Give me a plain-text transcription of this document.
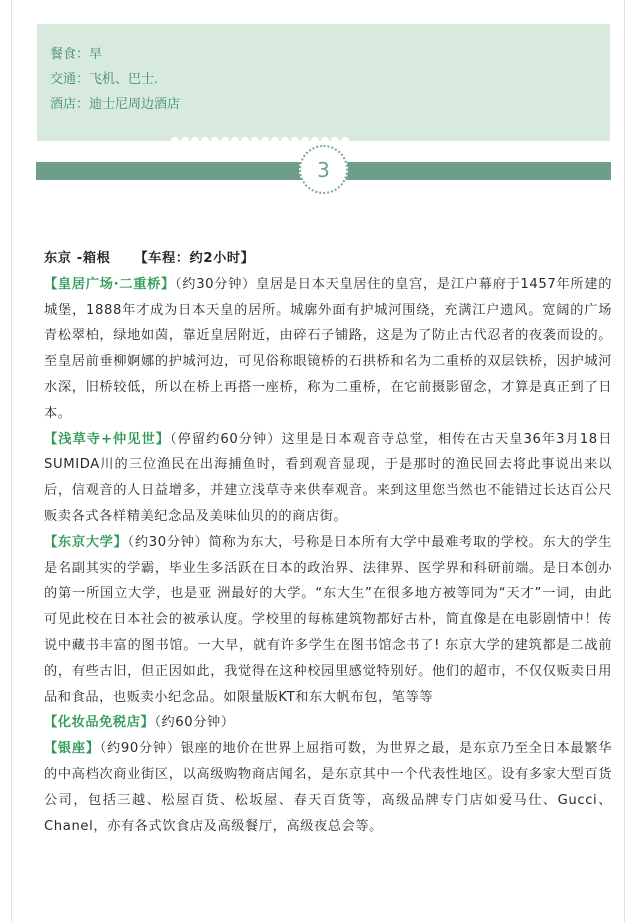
餐食：早
交通：飞机、巴士.
酒店：迪士尼周边酒店
3

东京 -箱根 【车程：约2小时】

【皇居广场·二重桥】（约30分钟）皇居是日本天皇居住的皇宫，是江户幕府于1457年所建的城堡，1888年才成为日本天皇的居所。城廓外面有护城河围绕，充满江户遗风。宽阔的广场青松翠柏，绿地如茵，靠近皇居附近，由碎石子铺路，这是为了防止古代忍者的夜袭而设的。至皇居前垂柳婀娜的护城河边，可见俗称眼镜桥的石拱桥和名为二重桥的双层铁桥，因护城河水深，旧桥较低，所以在桥上再搭一座桥，称为二重桥，在它前摄影留念，才算是真正到了日本。

【浅草寺+仲见世】（停留约60分钟）这里是日本观音寺总堂，相传在古天皇36年3月18日SUMIDA川的三位渔民在出海捕鱼时，看到观音显现，于是那时的渔民回去将此事说出来以后，信观音的人日益增多，并建立浅草寺来供奉观音。来到这里您当然也不能错过长达百公尺贩卖各式各样精美纪念品及美味仙贝的的商店街。

【东京大学】（约30分钟）简称为东大，号称是日本所有大学中最难考取的学校。东大的学生是名副其实的学霸，毕业生多活跃在日本的政治界、法律界、医学界和科研前端。是日本创办的第一所国立大学，也是亚 洲最好的大学。“东大生”在很多地方被等同为“天才”一词，由此可见此校在日本社会的被承认度。学校里的每栋建筑物都好古朴，简直像是在电影剧情中！传说中藏书丰富的图书馆。一大早，就有许多学生在图书馆念书了! 东京大学的建筑都是二战前的，有些古旧，但正因如此，我觉得在这种校园里感觉特别好。他们的超市，不仅仅贩卖日用品和食品，也贩卖小纪念品。如限量版KT和东大帆布包，笔等等

【化妆品免税店】（约60分钟）

【银座】（约90分钟）银座的地价在世界上屈指可数，为世界之最，是东京乃至全日本最繁华的中高档次商业街区，以高级购物商店闻名，是东京其中一个代表性地区。设有多家大型百货公司，包括三越、松屋百货、松坂屋、春天百货等，高级品牌专门店如爱马仕、Gucci、Chanel，亦有各式饮食店及高级餐厅，高级夜总会等。
